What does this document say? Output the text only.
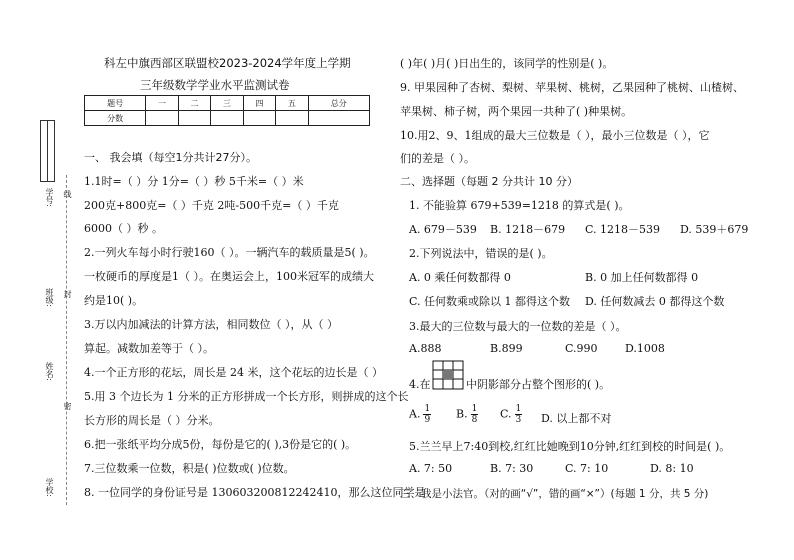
学号:
班级:
姓名:
学校:
线
封
密
科左中旗西部区联盟校2023-2024学年度上学期
三年级数学学业水平监测试卷
题号	一	二	三	四	五	总分
分数						
一、 我会填（每空1分共计27分）。
1.1时=（ ）分 1分=（ ）秒 5千米=（ ）米
200克+800克=（ ）千克 2吨-500千克=（ ）千克
6000（ ）秒 。
2.一列火车每小时行驶160（ ）。一辆汽车的载质量是5( )。
一枚硬币的厚度是1（ ）。在奥运会上，100米冠军的成绩大
约是10( )。
3.万以内加减法的计算方法，相同数位（ ），从（ ）
算起。减数加差等于（ ）。
4.一个正方形的花坛，周长是 24 米，这个花坛的边长是（ ）
5.用 3 个边长为 1 分米的正方形拼成一个长方形，则拼成的这个长
长方形的周长是（ ）分米。
6.把一张纸平均分成5份，每份是它的( ),3份是它的( )。
7.三位数乘一位数，积是( )位数或( )位数。
8. 一位同学的身份证号是 130603200812242410，那么这位同学是
( )年( )月( )日出生的，该同学的性别是( )。
9. 甲果园种了杏树、梨树、苹果树、桃树，乙果园种了桃树、山楂树、
苹果树、柿子树，两个果园一共种了( )种果树。
10.用2、9、1组成的最大三位数是（ ），最小三位数是（ ），它
们的差是（ ）。
二、选择题（每题 2 分共计 10 分）
1. 不能验算 679+539=1218 的算式是( )。
A. 679－539 B. 1218－679 C. 1218－539 D. 539＋679
2.下列说法中，错误的是( )。
A. 0 乘任何数都得 0	B. 0 加上任何数都得 0
C. 任何数乘或除以 1 都得这个数 D. 任何数减去 0 都得这个数
3.最大的三位数与最大的一位数的差是（ ）。
A.888	B.899	C.990 D.1008
4.在	中阴影部分占整个图形的( )。
A. $\frac{1}{9} B$. $\frac{1}{8} C$. $\frac{1}{3} D$. 以上都不对
5.兰兰早上7:40到校,红红比她晚到10分钟,红红到校的时间是( )。
A. 7: 50	B. 7: 30	C. 7: 10	D. 8: 10
三、我是小法官。（对的画“√”，错的画“×”）(每题 1 分，共 5 分)
